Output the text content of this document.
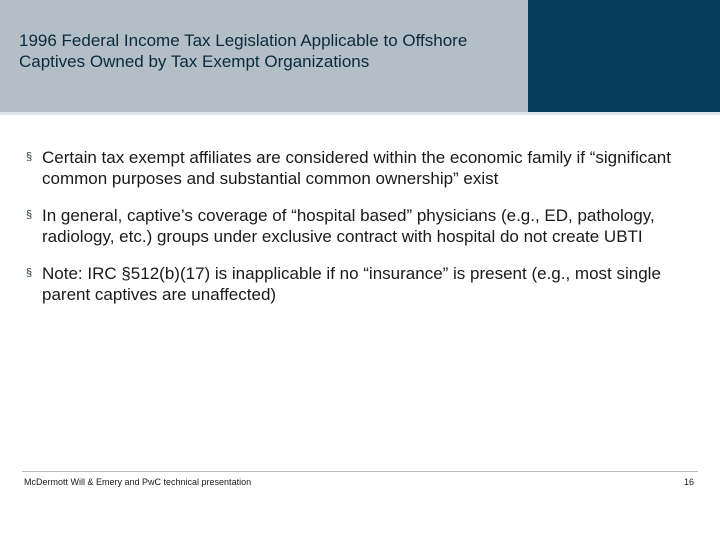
1996 Federal Income Tax Legislation Applicable to Offshore Captives Owned by Tax Exempt Organizations
§ Certain tax exempt affiliates are considered within the economic family if “significant common purposes and substantial common ownership” exist
§ In general, captive’s coverage of “hospital based” physicians (e.g., ED, pathology, radiology, etc.) groups under exclusive contract with hospital do not create UBTI
§ Note: IRC §512(b)(17) is inapplicable if no “insurance” is present (e.g., most single parent captives are unaffected)
McDermott Will & Emery and PwC technical presentation	16
